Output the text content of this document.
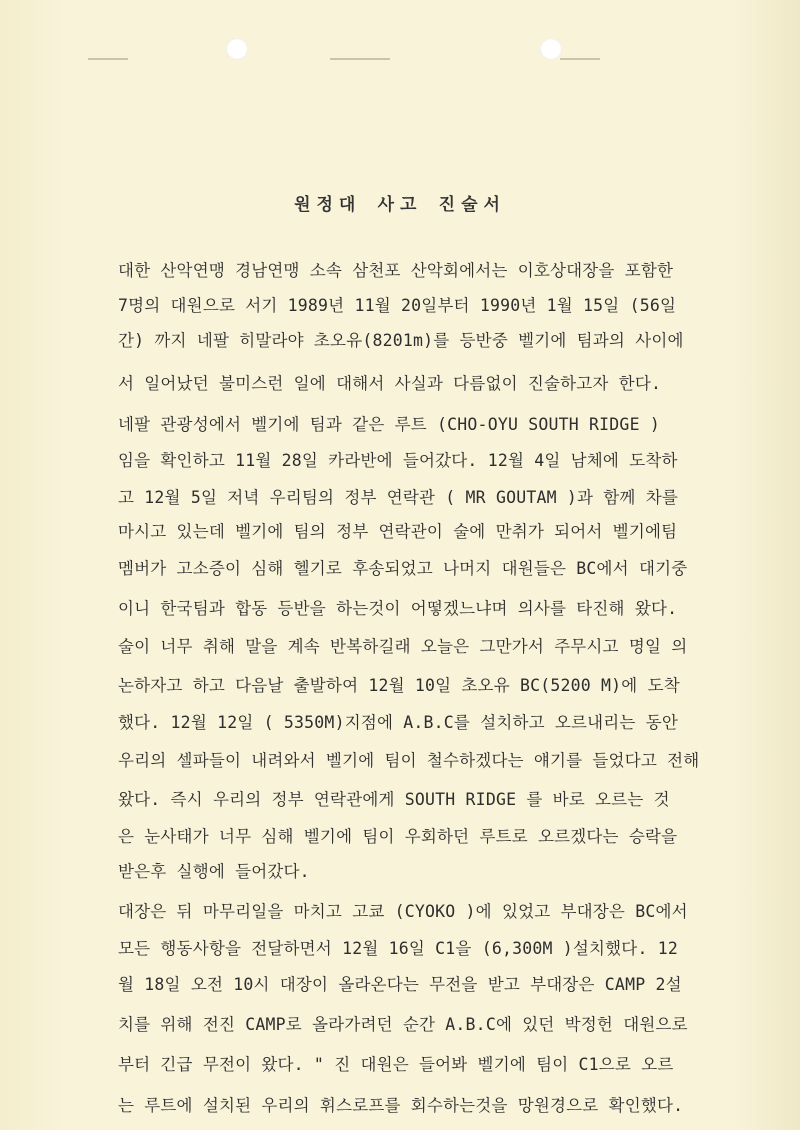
원정대 사고 진술서
대한 산악연맹 경남연맹 소속 삼천포 산악회에서는 이호상대장을 포함한
7명의 대원으로 서기 1989년 11월 20일부터 1990년 1월 15일 (56일
간) 까지 네팔 히말라야 초오유(8201m)를 등반중 벨기에 팀과의 사이에
서 일어났던 불미스런 일에 대해서 사실과 다름없이 진술하고자 한다.
네팔 관광성에서 벨기에 팀과 같은 루트 (CHO-OYU SOUTH RIDGE )
임을 확인하고 11월 28일 카라반에 들어갔다. 12월 4일 남체에 도착하
고 12월 5일 저녁 우리팀의 정부 연락관 ( MR GOUTAM )과 함께 차를
마시고 있는데 벨기에 팀의 정부 연락관이 술에 만취가 되어서 벨기에팀
멤버가 고소증이 심해 헬기로 후송되었고 나머지 대원들은 BC에서 대기중
이니 한국팀과 합동 등반을 하는것이 어떻겠느냐며 의사를 타진해 왔다.
술이 너무 취해 말을 계속 반복하길래 오늘은 그만가서 주무시고 명일 의
논하자고 하고 다음날 출발하여 12월 10일 초오유 BC(5200 M)에 도착
했다. 12월 12일 ( 5350M)지점에 A.B.C를 설치하고 오르내리는 동안
우리의 셀파들이 내려와서 벨기에 팀이 철수하겠다는 얘기를 들었다고 전해
왔다. 즉시 우리의 정부 연락관에게 SOUTH RIDGE 를 바로 오르는 것
은 눈사태가 너무 심해 벨기에 팀이 우회하던 루트로 오르겠다는 승락을
받은후 실행에 들어갔다.
대장은 뒤 마무리일을 마치고 고쿄 (CYOKO )에 있었고 부대장은 BC에서
모든 행동사항을 전달하면서 12월 16일 C1을 (6,300M )설치했다. 12
월 18일 오전 10시 대장이 올라온다는 무전을 받고 부대장은 CAMP 2설
치를 위해 전진 CAMP로 올라가려던 순간 A.B.C에 있던 박정헌 대원으로
부터 긴급 무전이 왔다. " 진 대원은 들어봐 벨기에 팀이 C1으로 오르
는 루트에 설치된 우리의 휘스로프를 회수하는것을 망원경으로 확인했다.
